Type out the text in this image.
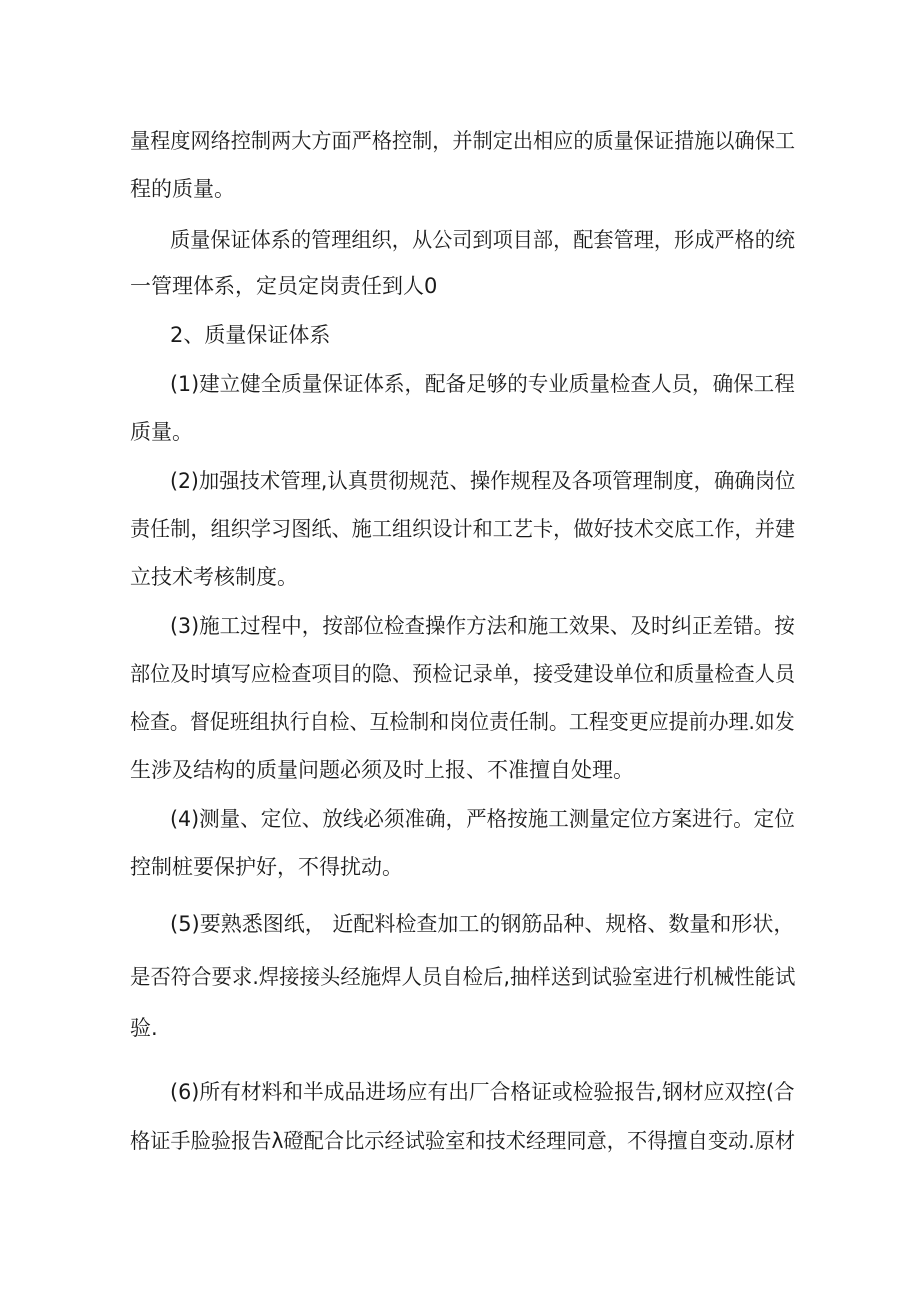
量程度网络控制两大方面严格控制，并制定出相应的质量保证措施以确保工
程的质量。
质量保证体系的管理组织，从公司到项目部，配套管理，形成严格的统
一管理体系，定员定岗责任到人0
2、质量保证体系
(1)建立健全质量保证体系，配备足够的专业质量检查人员，确保工程
质量。
(2)加强技术管理,认真贯彻规范、操作规程及各项管理制度，确确岗位
责任制，组织学习图纸、施工组织设计和工艺卡，做好技术交底工作，并建
立技术考核制度。
(3)施工过程中，按部位检查操作方法和施工效果、及时纠正差错。按
部位及时填写应检查项目的隐、预检记录单，接受建设单位和质量检查人员
检查。督促班组执行自检、互检制和岗位责任制。工程变更应提前办理.如发
生涉及结构的质量问题必须及时上报、不准擅自处理。
(4)测量、定位、放线必须准确，严格按施工测量定位方案进行。定位
控制桩要保护好，不得扰动。
(5)要熟悉图纸， 近配料检查加工的钢筋品种、规格、数量和形状，
是否符合要求.焊接接头经施焊人员自检后,抽样送到试验室进行机械性能试
验.
(6)所有材料和半成品进场应有出厂合格证或检验报告,钢材应双控(合
格证手脸验报告λ磴配合比示经试验室和技术经理同意，不得擅自变动.原材
